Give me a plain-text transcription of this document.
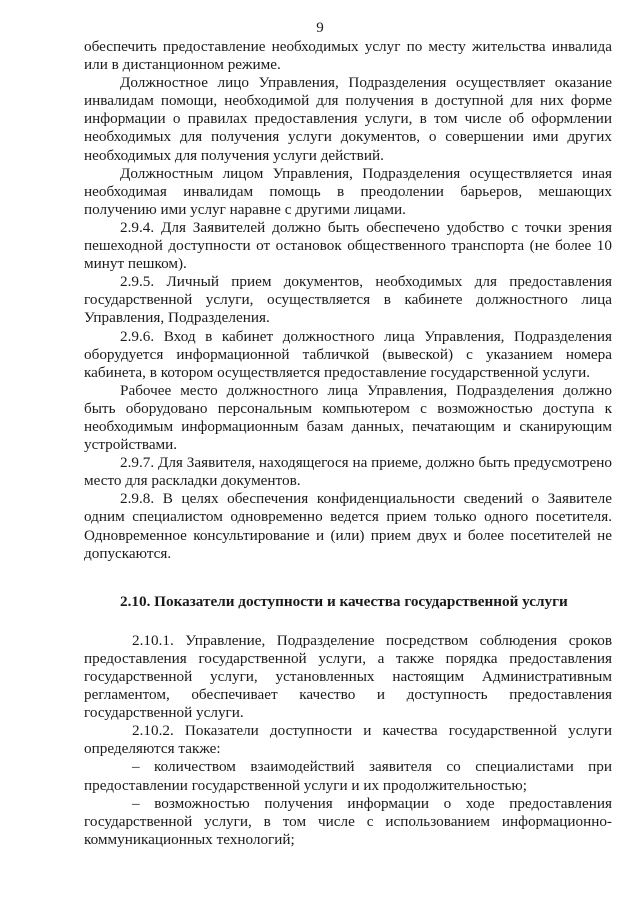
9

обеспечить предоставление необходимых услуг по месту жительства инвалида или в дистанционном режиме.

Должностное лицо Управления, Подразделения осуществляет оказание инвалидам помощи, необходимой для получения в доступной для них форме информации о правилах предоставления услуги, в том числе об оформлении необходимых для получения услуги документов, о совершении ими других необходимых для получения услуги действий.

Должностным лицом Управления, Подразделения осуществляется иная необходимая инвалидам помощь в преодолении барьеров, мешающих получению ими услуг наравне с другими лицами.

2.9.4. Для Заявителей должно быть обеспечено удобство с точки зрения пешеходной доступности от остановок общественного транспорта (не более 10 минут пешком).

2.9.5. Личный прием документов, необходимых для предоставления государственной услуги, осуществляется в кабинете должностного лица Управления, Подразделения.

2.9.6. Вход в кабинет должностного лица Управления, Подразделения оборудуется информационной табличкой (вывеской) с указанием номера кабинета, в котором осуществляется предоставление государственной услуги.

Рабочее место должностного лица Управления, Подразделения должно быть оборудовано персональным компьютером с возможностью доступа к необходимым информационным базам данных, печатающим и сканирующим устройствами.

2.9.7. Для Заявителя, находящегося на приеме, должно быть предусмотрено место для раскладки документов.

2.9.8. В целях обеспечения конфиденциальности сведений о Заявителе одним специалистом одновременно ведется прием только одного посетителя. Одновременное консультирование и (или) прием двух и более посетителей не допускаются.

2.10. Показатели доступности и качества государственной услуги

2.10.1. Управление, Подразделение посредством соблюдения сроков предоставления государственной услуги, а также порядка предоставления государственной услуги, установленных настоящим Административным регламентом, обеспечивает качество и доступность предоставления государственной услуги.

2.10.2. Показатели доступности и качества государственной услуги определяются также:

– количеством взаимодействий заявителя со специалистами при предоставлении государственной услуги и их продолжительностью;

– возможностью получения информации о ходе предоставления государственной услуги, в том числе с использованием информационно-коммуникационных технологий;
